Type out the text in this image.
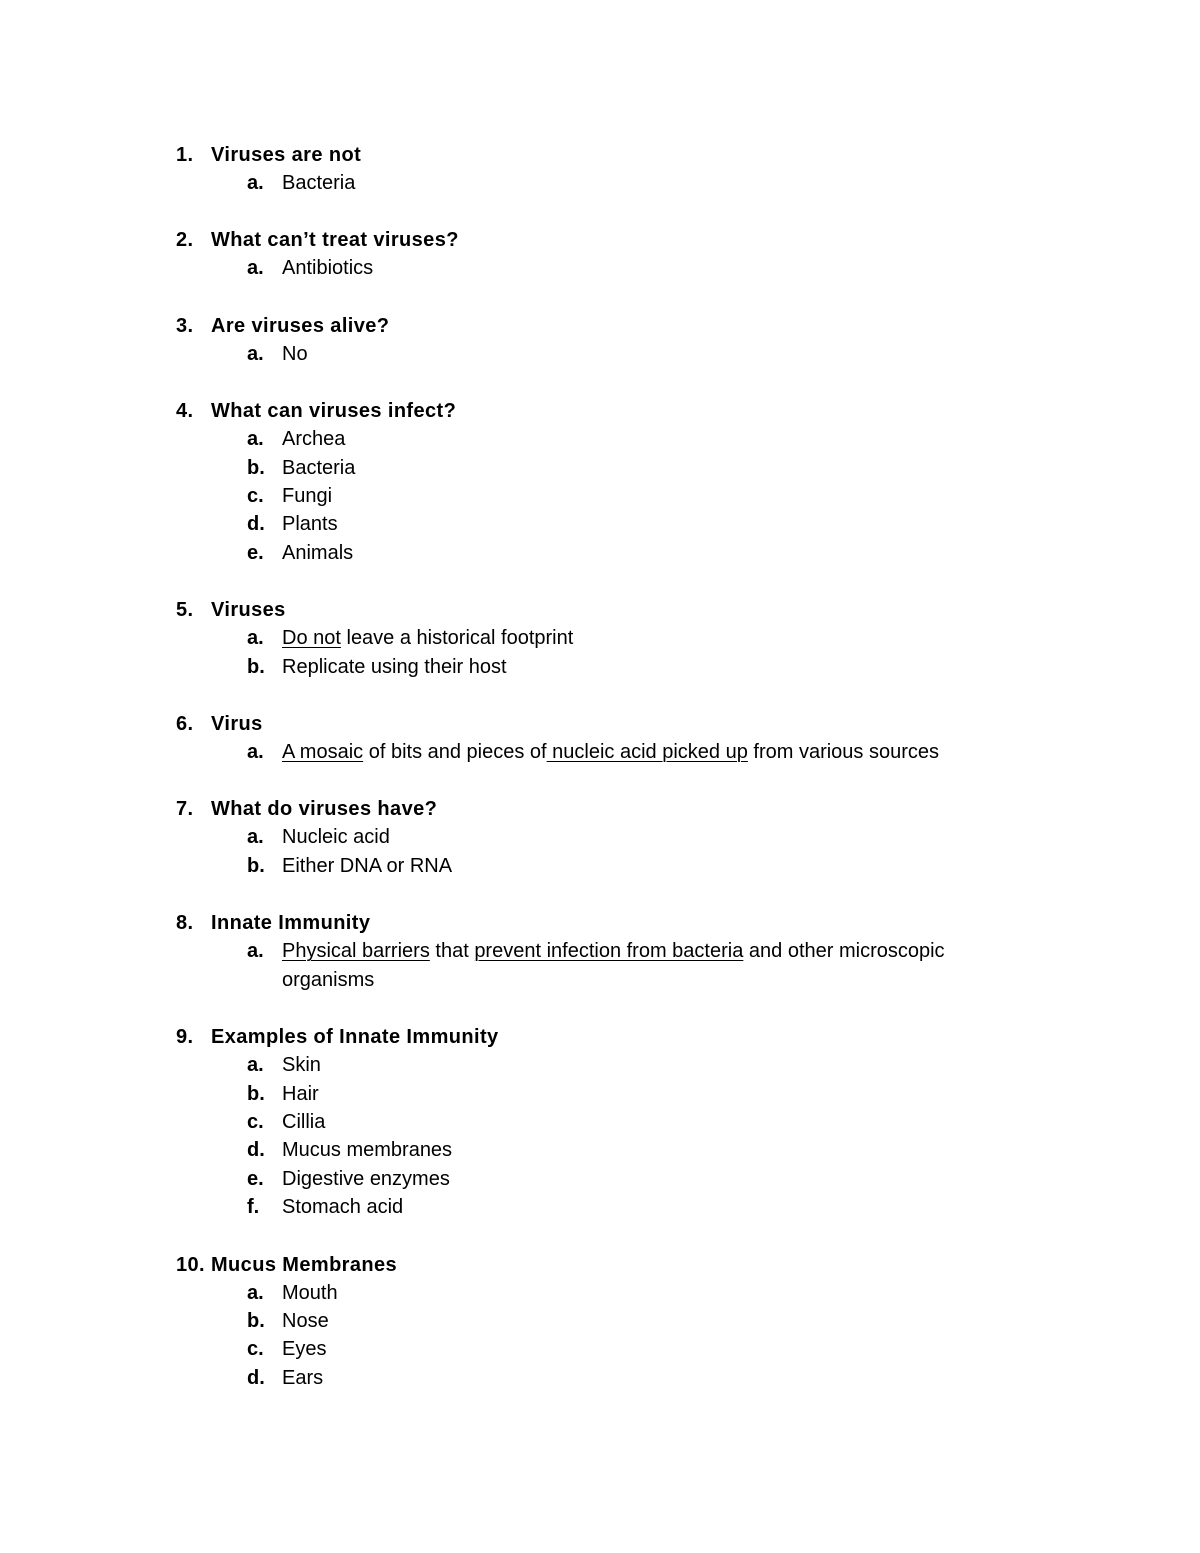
1. Viruses are not
a. Bacteria
2. What can’t treat viruses?
a. Antibiotics
3. Are viruses alive?
a. No
4. What can viruses infect?
a. Archea
b. Bacteria
c. Fungi
d. Plants
e. Animals
5. Viruses
a. Do not leave a historical footprint
b. Replicate using their host
6. Virus
a. A mosaic of bits and pieces of nucleic acid picked up from various sources
7. What do viruses have?
a. Nucleic acid
b. Either DNA or RNA
8. Innate Immunity
a. Physical barriers that prevent infection from bacteria and other microscopic organisms
9. Examples of Innate Immunity
a. Skin
b. Hair
c. Cillia
d. Mucus membranes
e. Digestive enzymes
f. Stomach acid
10. Mucus Membranes
a. Mouth
b. Nose
c. Eyes
d. Ears
